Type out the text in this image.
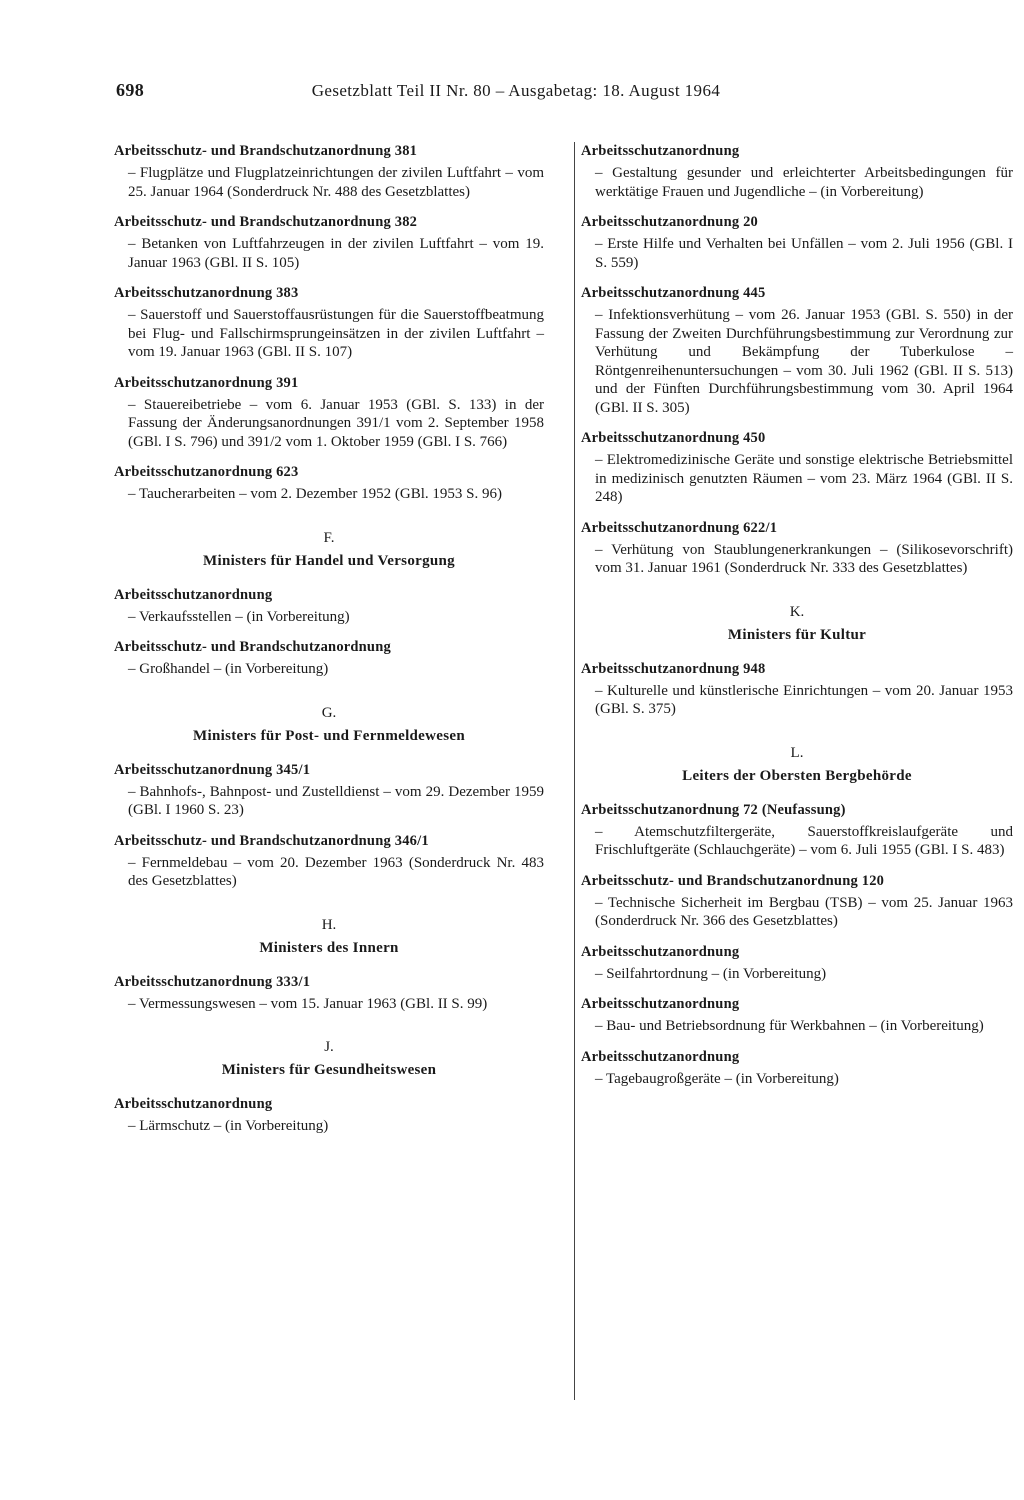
698	Gesetzblatt Teil II Nr. 80 – Ausgabetag: 18. August 1964
Arbeitsschutz- und Brandschutzanordnung 381
– Flugplätze und Flugplatzeinrichtungen der zivilen Luftfahrt – vom 25. Januar 1964 (Sonderdruck Nr. 488 des Gesetzblattes)
Arbeitsschutz- und Brandschutzanordnung 382
– Betanken von Luftfahrzeugen in der zivilen Luftfahrt – vom 19. Januar 1963 (GBl. II S. 105)
Arbeitsschutzanordnung 383
– Sauerstoff und Sauerstoffausrüstungen für die Sauerstoffbeatmung bei Flug- und Fallschirmsprungeinsätzen in der zivilen Luftfahrt – vom 19. Januar 1963 (GBl. II S. 107)
Arbeitsschutzanordnung 391
– Stauereibetriebe – vom 6. Januar 1953 (GBl. S. 133) in der Fassung der Änderungsanordnungen 391/1 vom 2. September 1958 (GBl. I S. 796) und 391/2 vom 1. Oktober 1959 (GBl. I S. 766)
Arbeitsschutzanordnung 623
– Taucherarbeiten – vom 2. Dezember 1952 (GBl. 1953 S. 96)
F.
Ministers für Handel und Versorgung
Arbeitsschutzanordnung
– Verkaufsstellen – (in Vorbereitung)
Arbeitsschutz- und Brandschutzanordnung
– Großhandel – (in Vorbereitung)
G.
Ministers für Post- und Fernmeldewesen
Arbeitsschutzanordnung 345/1
– Bahnhofs-, Bahnpost- und Zustelldienst – vom 29. Dezember 1959 (GBl. I 1960 S. 23)
Arbeitsschutz- und Brandschutzanordnung 346/1
– Fernmeldebau – vom 20. Dezember 1963 (Sonderdruck Nr. 483 des Gesetzblattes)
H.
Ministers des Innern
Arbeitsschutzanordnung 333/1
– Vermessungswesen – vom 15. Januar 1963 (GBl. II S. 99)
J.
Ministers für Gesundheitswesen
Arbeitsschutzanordnung
– Lärmschutz – (in Vorbereitung)
Arbeitsschutzanordnung
– Gestaltung gesunder und erleichterter Arbeitsbedingungen für werktätige Frauen und Jugendliche – (in Vorbereitung)
Arbeitsschutzanordnung 20
– Erste Hilfe und Verhalten bei Unfällen – vom 2. Juli 1956 (GBl. I S. 559)
Arbeitsschutzanordnung 445
– Infektionsverhütung – vom 26. Januar 1953 (GBl. S. 550) in der Fassung der Zweiten Durchführungsbestimmung zur Verordnung zur Verhütung und Bekämpfung der Tuberkulose – Röntgenreihenuntersuchungen – vom 30. Juli 1962 (GBl. II S. 513) und der Fünften Durchführungsbestimmung vom 30. April 1964 (GBl. II S. 305)
Arbeitsschutzanordnung 450
– Elektromedizinische Geräte und sonstige elektrische Betriebsmittel in medizinisch genutzten Räumen – vom 23. März 1964 (GBl. II S. 248)
Arbeitsschutzanordnung 622/1
– Verhütung von Staublungenerkrankungen – (Silikosevorschrift) vom 31. Januar 1961 (Sonderdruck Nr. 333 des Gesetzblattes)
K.
Ministers für Kultur
Arbeitsschutzanordnung 948
– Kulturelle und künstlerische Einrichtungen – vom 20. Januar 1953 (GBl. S. 375)
L.
Leiters der Obersten Bergbehörde
Arbeitsschutzanordnung 72 (Neufassung)
– Atemschutzfiltergeräte, Sauerstoffkreislaufgeräte und Frischluftgeräte (Schlauchgeräte) – vom 6. Juli 1955 (GBl. I S. 483)
Arbeitsschutz- und Brandschutzanordnung 120
– Technische Sicherheit im Bergbau (TSB) – vom 25. Januar 1963 (Sonderdruck Nr. 366 des Gesetzblattes)
Arbeitsschutzanordnung
– Seilfahrtordnung – (in Vorbereitung)
Arbeitsschutzanordnung
– Bau- und Betriebsordnung für Werkbahnen – (in Vorbereitung)
Arbeitsschutzanordnung
– Tagebaugroßgeräte – (in Vorbereitung)
